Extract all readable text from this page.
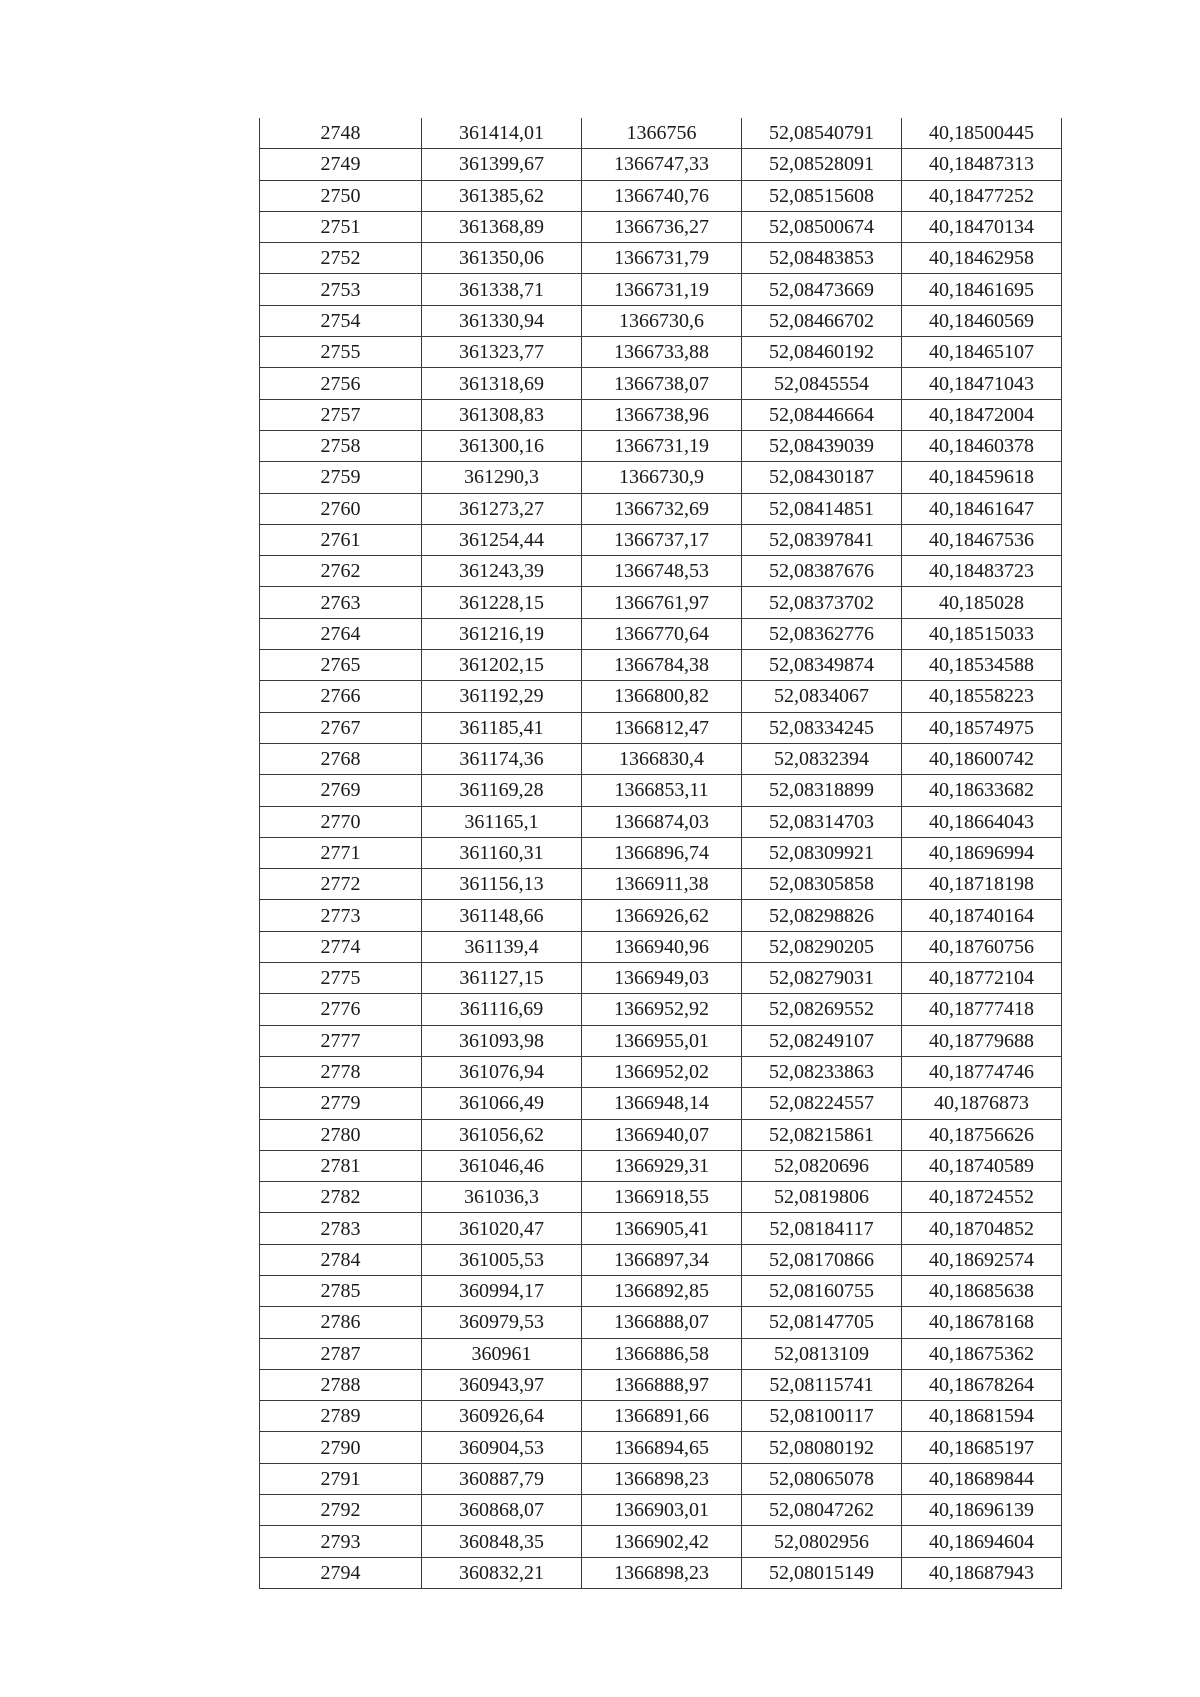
2748	361414,01	1366756	52,08540791	40,18500445
2749	361399,67	1366747,33	52,08528091	40,18487313
2750	361385,62	1366740,76	52,08515608	40,18477252
2751	361368,89	1366736,27	52,08500674	40,18470134
2752	361350,06	1366731,79	52,08483853	40,18462958
2753	361338,71	1366731,19	52,08473669	40,18461695
2754	361330,94	1366730,6	52,08466702	40,18460569
2755	361323,77	1366733,88	52,08460192	40,18465107
2756	361318,69	1366738,07	52,0845554	40,18471043
2757	361308,83	1366738,96	52,08446664	40,18472004
2758	361300,16	1366731,19	52,08439039	40,18460378
2759	361290,3	1366730,9	52,08430187	40,18459618
2760	361273,27	1366732,69	52,08414851	40,18461647
2761	361254,44	1366737,17	52,08397841	40,18467536
2762	361243,39	1366748,53	52,08387676	40,18483723
2763	361228,15	1366761,97	52,08373702	40,185028
2764	361216,19	1366770,64	52,08362776	40,18515033
2765	361202,15	1366784,38	52,08349874	40,18534588
2766	361192,29	1366800,82	52,0834067	40,18558223
2767	361185,41	1366812,47	52,08334245	40,18574975
2768	361174,36	1366830,4	52,0832394	40,18600742
2769	361169,28	1366853,11	52,08318899	40,18633682
2770	361165,1	1366874,03	52,08314703	40,18664043
2771	361160,31	1366896,74	52,08309921	40,18696994
2772	361156,13	1366911,38	52,08305858	40,18718198
2773	361148,66	1366926,62	52,08298826	40,18740164
2774	361139,4	1366940,96	52,08290205	40,18760756
2775	361127,15	1366949,03	52,08279031	40,18772104
2776	361116,69	1366952,92	52,08269552	40,18777418
2777	361093,98	1366955,01	52,08249107	40,18779688
2778	361076,94	1366952,02	52,08233863	40,18774746
2779	361066,49	1366948,14	52,08224557	40,1876873
2780	361056,62	1366940,07	52,08215861	40,18756626
2781	361046,46	1366929,31	52,0820696	40,18740589
2782	361036,3	1366918,55	52,0819806	40,18724552
2783	361020,47	1366905,41	52,08184117	40,18704852
2784	361005,53	1366897,34	52,08170866	40,18692574
2785	360994,17	1366892,85	52,08160755	40,18685638
2786	360979,53	1366888,07	52,08147705	40,18678168
2787	360961	1366886,58	52,0813109	40,18675362
2788	360943,97	1366888,97	52,08115741	40,18678264
2789	360926,64	1366891,66	52,08100117	40,18681594
2790	360904,53	1366894,65	52,08080192	40,18685197
2791	360887,79	1366898,23	52,08065078	40,18689844
2792	360868,07	1366903,01	52,08047262	40,18696139
2793	360848,35	1366902,42	52,0802956	40,18694604
2794	360832,21	1366898,23	52,08015149	40,18687943
